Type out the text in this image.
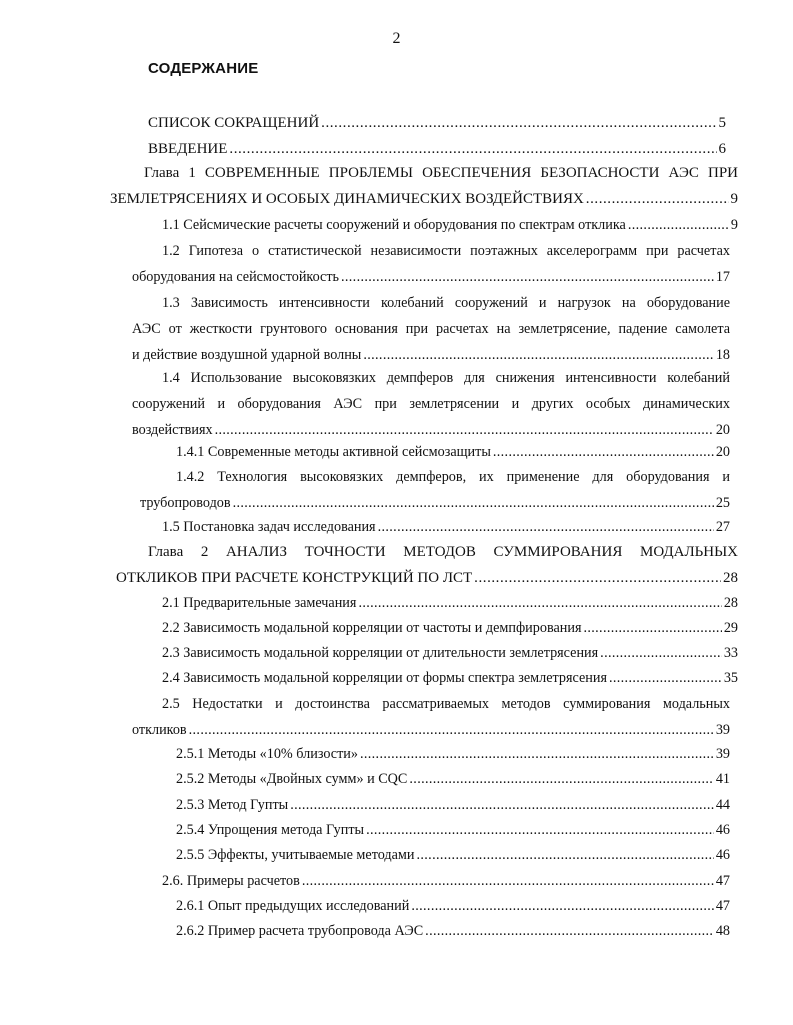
2
СОДЕРЖАНИЕ
СПИСОК СОКРАЩЕНИЙ . . .	5
ВВЕДЕНИЕ . . .	6
Глава 1 СОВРЕМЕННЫЕ ПРОБЛЕМЫ ОБЕСПЕЧЕНИЯ БЕЗОПАСНОСТИ АЭС ПРИ
ЗЕМЛЕТРЯСЕНИЯХ И ОСОБЫХ ДИНАМИЧЕСКИХ ВОЗДЕЙСТВИЯХ . . .	9
1.1 Сейсмические расчеты сооружений и оборудования по спектрам отклика . . .	9
1.2 Гипотеза о статистической независимости поэтажных акселерограмм при расчетах
оборудования на сейсмостойкость . . .	17
1.3 Зависимость интенсивности колебаний сооружений и нагрузок на оборудование
АЭС от жесткости грунтового основания при расчетах на землетрясение, падение самолета
и действие воздушной ударной волны . . .	18
1.4 Использование высоковязких демпферов для снижения интенсивности колебаний
сооружений и оборудования АЭС при землетрясении и других особых динамических
воздействиях . . .	20
1.4.1 Современные методы активной сейсмозащиты . . .	20
1.4.2 Технология высоковязких демпферов, их применение для оборудования и
трубопроводов . . .	25
1.5 Постановка задач исследования . . .	27
Глава 2 АНАЛИЗ ТОЧНОСТИ МЕТОДОВ СУММИРОВАНИЯ МОДАЛЬНЫХ
ОТКЛИКОВ ПРИ РАСЧЕТЕ КОНСТРУКЦИЙ ПО ЛСТ . . .	28
2.1 Предварительные замечания . . .	28
2.2 Зависимость модальной корреляции от частоты и демпфирования . . .	29
2.3 Зависимость модальной корреляции от длительности землетрясения . . .	33
2.4 Зависимость модальной корреляции от формы спектра землетрясения . . .	35
2.5 Недостатки и достоинства рассматриваемых методов суммирования модальных
откликов . . .	39
2.5.1 Методы «10% близости» . . .	39
2.5.2 Методы «Двойных сумм» и CQC . . .	41
2.5.3 Метод Гупты . . .	44
2.5.4 Упрощения метода Гупты . . .	46
2.5.5 Эффекты, учитываемые методами . . .	46
2.6. Примеры расчетов . . .	47
2.6.1 Опыт предыдущих исследований . . .	47
2.6.2 Пример расчета трубопровода АЭС . . .	48
